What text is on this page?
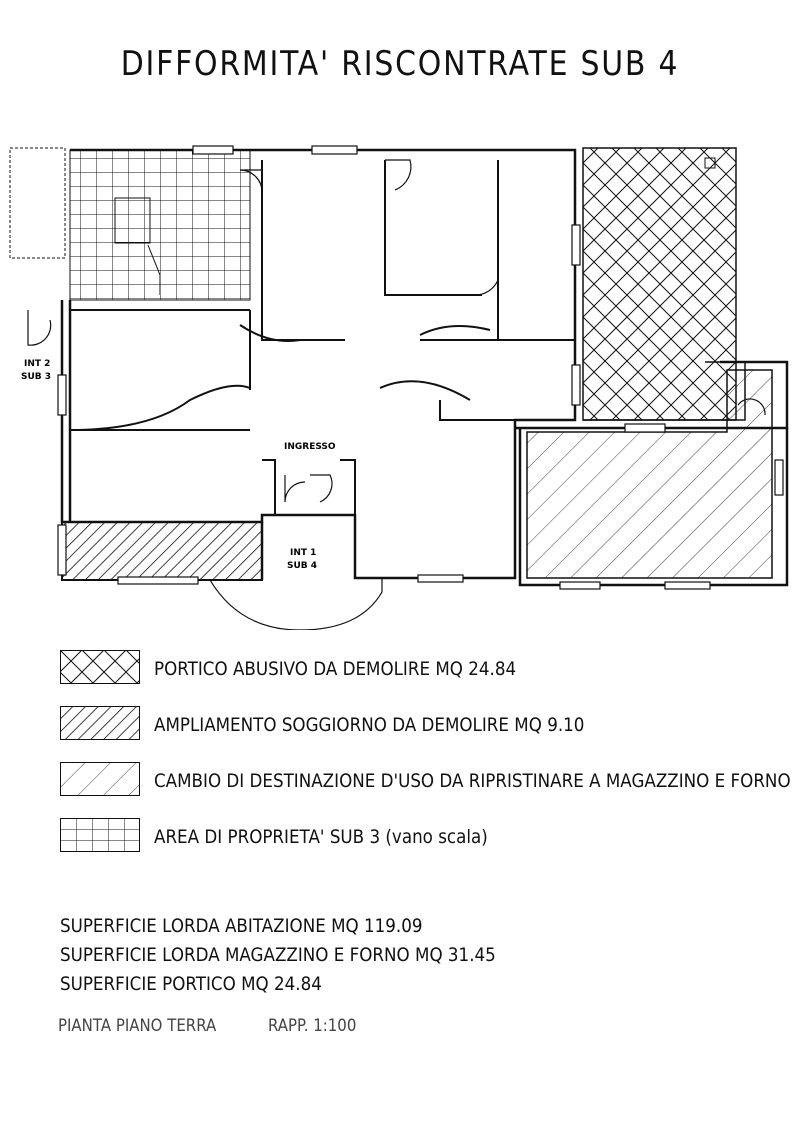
DIFFORMITA' RISCONTRATE SUB 4
INGRESSO
INT 1
SUB 4
INT 2
SUB 3
PORTICO ABUSIVO DA DEMOLIRE MQ 24.84
AMPLIAMENTO SOGGIORNO DA DEMOLIRE MQ 9.10
CAMBIO DI DESTINAZIONE D'USO DA RIPRISTINARE A MAGAZZINO E FORNO
AREA DI PROPRIETA' SUB 3 (vano scala)
SUPERFICIE LORDA ABITAZIONE MQ 119.09
SUPERFICIE LORDA MAGAZZINO E FORNO MQ 31.45
SUPERFICIE PORTICO MQ 24.84
PIANTA PIANO TERRA	RAPP. 1:100
